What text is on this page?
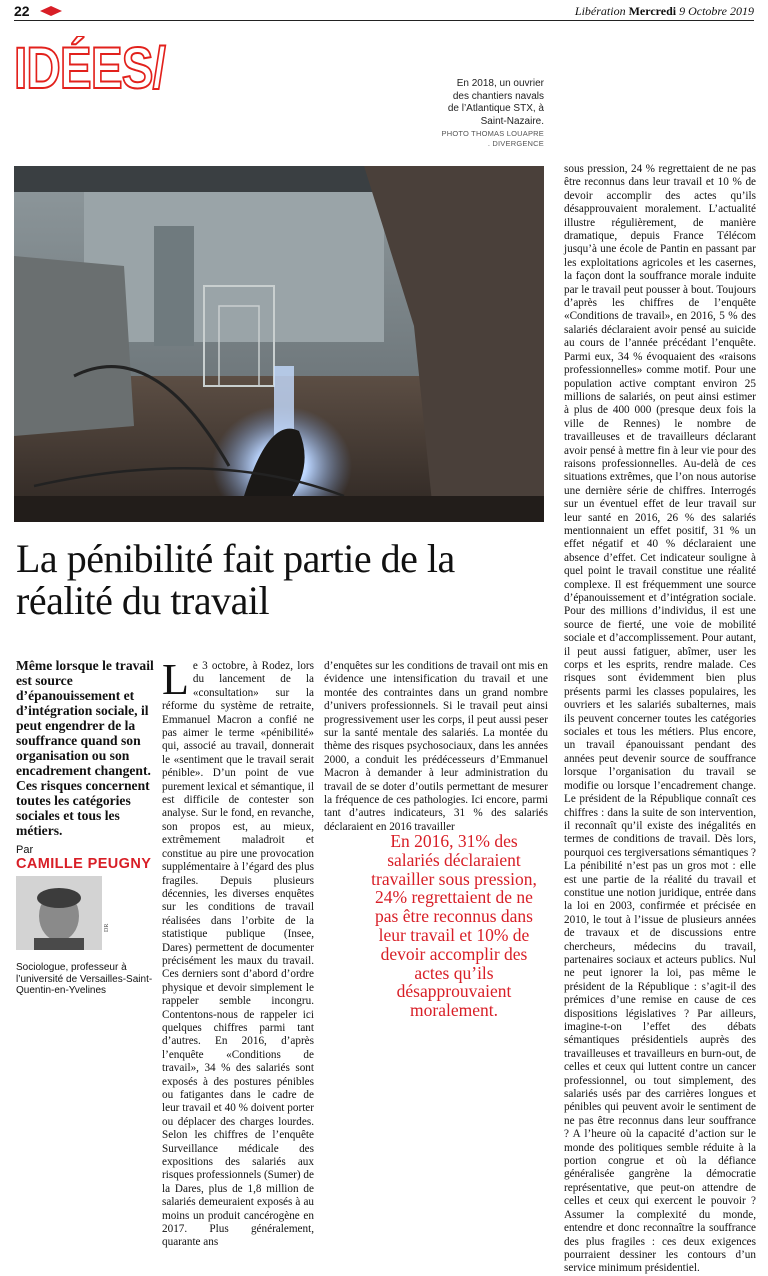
22	Libération Mercredi 9 Octobre 2019
IDÉES/	En 2018, un ouvrier des chantiers navals de l’Atlantique STX, à Saint-Nazaire.
PHOTO THOMAS LOUAPRE . DIVERGENCE
La pénibilité fait partie de la réalité du travail
Même lorsque le travail est source d’épanouissement et d’intégration sociale, il peut engendrer de la souffrance quand son organisation ou son encadrement changent. Ces risques concernent toutes les catégories sociales et tous les métiers.
Par
CAMILLE PEUGNY
DR
Sociologue, professeur à l’université de Versailles-Saint-Quentin-en-Yvelines

Le 3 octobre, à Rodez, lors du lancement de la «consultation» sur la réforme du système de retraite, Emmanuel Macron a confié ne pas aimer le terme «pénibilité» qui, associé au travail, donnerait le «sentiment que le travail serait pénible». D’un point de vue purement lexical et sémantique, il est difficile de contester son analyse. Sur le fond, en revanche, son propos est, au mieux, extrêmement maladroit et constitue au pire une provocation supplémentaire à l’égard des plus fragiles. Depuis plusieurs décennies, les diverses enquêtes sur les conditions de travail réalisées dans l’orbite de la statistique publique (Insee, Dares) permettent de documenter précisément les maux du travail. Ces derniers sont d’abord d’ordre physique et devoir simplement le rappeler semble incongru. Contentons-nous de rappeler ici quelques chiffres parmi tant d’autres. En 2016, d’après l’enquête «Conditions de travail», 34 % des salariés sont exposés à des postures pénibles ou fatigantes dans le cadre de leur travail et 40 % doivent porter ou déplacer des charges lourdes. Selon les chiffres de l’enquête Surveillance médicale des expositions des salariés aux risques professionnels (Sumer) de la Dares, plus de 1,8 million de salariés demeuraient exposés à au moins un produit cancérogène en 2017. Plus généralement, quarante ans

d’enquêtes sur les conditions de travail ont mis en évidence une intensification du travail et une montée des contraintes dans un grand nombre d’univers professionnels. Si le travail peut ainsi progressivement user les corps, il peut aussi peser sur la santé mentale des salariés. La montée du thème des risques psychosociaux, dans les années 2000, a conduit les prédécesseurs d’Emmanuel Macron à demander à leur administration du travail de se doter d’outils permettant de mesurer la fréquence de ces pathologies. Ici encore, parmi tant d’autres indicateurs, 31 % des salariés déclaraient en 2016 travailler

En 2016, 31% des salariés déclaraient travailler sous pression, 24% regrettaient de ne pas être reconnus dans leur travail et 10% de devoir accomplir des actes qu’ils désapprouvaient moralement.

sous pression, 24 % regrettaient de ne pas être reconnus dans leur travail et 10 % de devoir accomplir des actes qu’ils désapprouvaient moralement. L’actualité illustre régulièrement, de manière dramatique, depuis France Télécom jusqu’à une école de Pantin en passant par les exploitations agricoles et les casernes, la façon dont la souffrance morale induite par le travail peut pousser à bout. Toujours d’après les chiffres de l’enquête «Conditions de travail», en 2016, 5 % des salariés déclaraient avoir pensé au suicide au cours de l’année précédant l’enquête. Parmi eux, 34 % évoquaient des «raisons professionnelles» comme motif. Pour une population active comptant environ 25 millions de salariés, on peut ainsi estimer à plus de 400 000 (presque deux fois la ville de Rennes) le nombre de travailleuses et de travailleurs déclarant avoir pensé à mettre fin à leur vie pour des raisons professionnelles. Au-delà de ces situations extrêmes, que l’on nous autorise une dernière série de chiffres. Interrogés sur un éventuel effet de leur travail sur leur santé en 2016, 26 % des salariés mentionnaient un effet positif, 31 % un effet négatif et 40 % déclaraient une absence d’effet. Cet indicateur souligne à quel point le travail constitue une réalité complexe. Il est fréquemment une source d’épanouissement et d’intégration sociale. Pour des millions d’individus, il est une source de fierté, une voie de mobilité sociale et d’accomplissement. Pour autant, il peut aussi fatiguer, abîmer, user les corps et les esprits, rendre malade. Ces risques sont évidemment bien plus présents parmi les classes populaires, les ouvriers et les salariés subalternes, mais ils peuvent concerner toutes les catégories sociales et tous les métiers. Plus encore, un travail épanouissant pendant des années peut devenir source de souffrance lorsque l’organisation du travail se modifie ou lorsque l’encadrement change. Le président de la République connaît ces chiffres : dans la suite de son intervention, il reconnaît qu’il existe des inégalités en termes de conditions de travail. Dès lors, pourquoi ces tergiversations sémantiques ? La pénibilité n’est pas un gros mot : elle est une partie de la réalité du travail et constitue une notion juridique, entrée dans la loi en 2003, confirmée et précisée en 2010, le tout à l’issue de plusieurs années de travaux et de discussions entre chercheurs, médecins du travail, partenaires sociaux et acteurs publics. Nul ne peut ignorer la loi, pas même le président de la République : s’agit-il des prémices d’une remise en cause de ces dispositions législatives ? Par ailleurs, imagine-t-on l’effet des débats sémantiques présidentiels auprès des travailleuses et travailleurs en burn-out, de celles et ceux qui luttent contre un cancer professionnel, ou tout simplement, des salariés usés par des carrières longues et pénibles qui peuvent avoir le sentiment de ne pas être reconnus dans leur souffrance ? A l’heure où la capacité d’action sur le monde des politiques semble réduite à la portion congrue et où la défiance généralisée gangrène la démocratie représentative, que peut-on attendre de celles et ceux qui exercent le pouvoir ? Assumer la complexité du monde, entendre et donc reconnaître la souffrance des plus fragiles : ces deux exigences pourraient dessiner les contours d’un service minimum présidentiel.
